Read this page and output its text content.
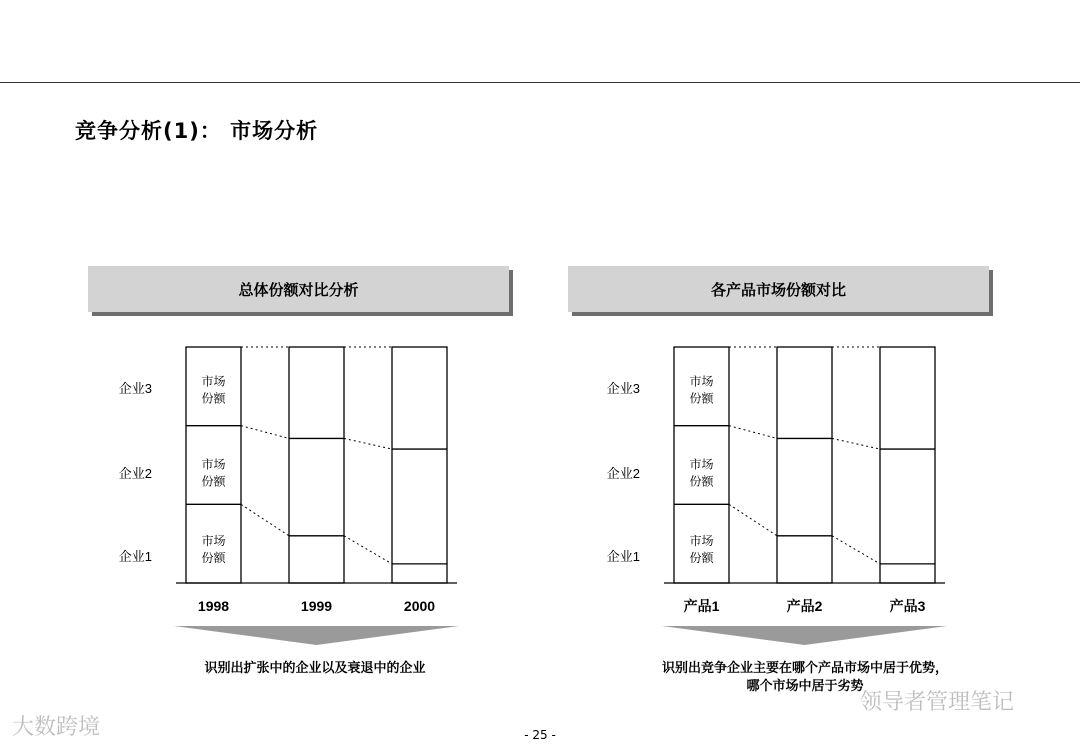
竞争分析(1)： 市场分析
总体份额对比分析	各产品市场份额对比
企业3
企业2
企业1
1998	1999	2000
市场
份额
市场
份额
市场
份额
企业3
企业2
企业1
产品1	产品2	产品3
市场
份额
市场
份额
市场
份额
识别出扩张中的企业以及衰退中的企业	识别出竞争企业主要在哪个产品市场中居于优势，
哪个市场中居于劣势
- 25 -
大数跨境
领导者管理笔记
